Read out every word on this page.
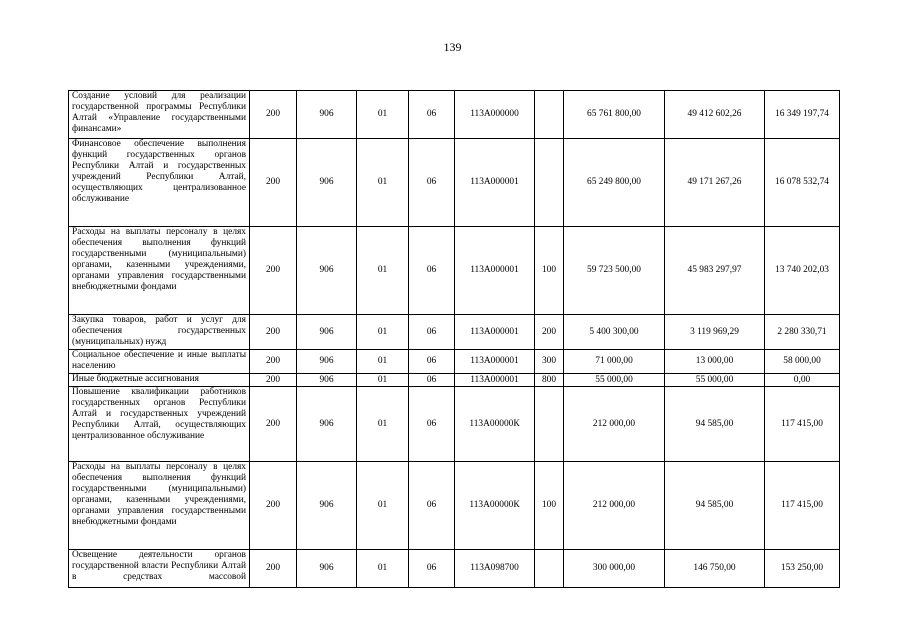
139
Создание условий для реализации государственной программы Республики Алтай «Управление государственными финансами»	200	906	01	06	113А000000		65 761 800,00	49 412 602,26	16 349 197,74
Финансовое обеспечение выполнения функций государственных органов Республики Алтай и государственных учреждений Республики Алтай, осуществляющих централизованное обслуживание	200	906	01	06	113А000001		65 249 800,00	49 171 267,26	16 078 532,74
Расходы на выплаты персоналу в целях обеспечения выполнения функций государственными (муниципальными) органами, казенными учреждениями, органами управления государственными внебюджетными фондами	200	906	01	06	113А000001	100	59 723 500,00	45 983 297,97	13 740 202,03
Закупка товаров, работ и услуг для обеспечения государственных (муниципальных) нужд	200	906	01	06	113А000001	200	5 400 300,00	3 119 969,29	2 280 330,71
Социальное обеспечение и иные выплаты населению	200	906	01	06	113А000001	300	71 000,00	13 000,00	58 000,00
Иные бюджетные ассигнования	200	906	01	06	113А000001	800	55 000,00	55 000,00	0,00
Повышение квалификации работников государственных органов Республики Алтай и государственных учреждений Республики Алтай, осуществляющих централизованное обслуживание	200	906	01	06	113А00000К		212 000,00	94 585,00	117 415,00
Расходы на выплаты персоналу в целях обеспечения выполнения функций государственными (муниципальными) органами, казенными учреждениями, органами управления государственными внебюджетными фондами	200	906	01	06	113А00000К	100	212 000,00	94 585,00	117 415,00
Освещение деятельности органов государственной власти Республики Алтай в средствах массовой	200	906	01	06	113А098700		300 000,00	146 750,00	153 250,00
